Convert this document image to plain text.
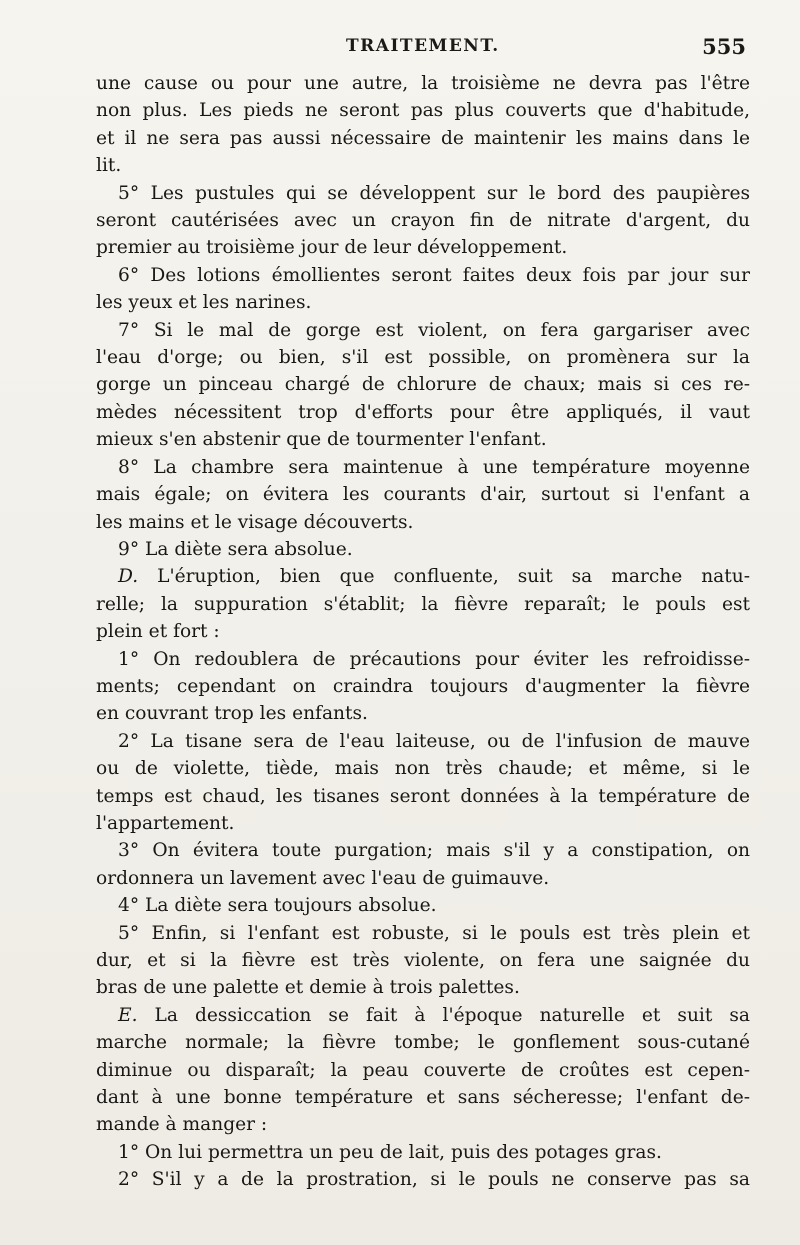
TRAITEMENT.	555
une cause ou pour une autre, la troisième ne devra pas l'être
non plus. Les pieds ne seront pas plus couverts que d'habitude,
et il ne sera pas aussi nécessaire de maintenir les mains dans le
lit.
5° Les pustules qui se développent sur le bord des paupières
seront cautérisées avec un crayon fin de nitrate d'argent, du
premier au troisième jour de leur développement.
6° Des lotions émollientes seront faites deux fois par jour sur
les yeux et les narines.
7° Si le mal de gorge est violent, on fera gargariser avec
l'eau d'orge; ou bien, s'il est possible, on promènera sur la
gorge un pinceau chargé de chlorure de chaux; mais si ces re-
mèdes nécessitent trop d'efforts pour être appliqués, il vaut
mieux s'en abstenir que de tourmenter l'enfant.
8° La chambre sera maintenue à une température moyenne
mais égale; on évitera les courants d'air, surtout si l'enfant a
les mains et le visage découverts.
9° La diète sera absolue.
D. L'éruption, bien que confluente, suit sa marche natu-
relle; la suppuration s'établit; la fièvre reparaît; le pouls est
plein et fort :
1° On redoublera de précautions pour éviter les refroidisse-
ments; cependant on craindra toujours d'augmenter la fièvre
en couvrant trop les enfants.
2° La tisane sera de l'eau laiteuse, ou de l'infusion de mauve
ou de violette, tiède, mais non très chaude; et même, si le
temps est chaud, les tisanes seront données à la température de
l'appartement.
3° On évitera toute purgation; mais s'il y a constipation, on
ordonnera un lavement avec l'eau de guimauve.
4° La diète sera toujours absolue.
5° Enfin, si l'enfant est robuste, si le pouls est très plein et
dur, et si la fièvre est très violente, on fera une saignée du
bras de une palette et demie à trois palettes.
E. La dessiccation se fait à l'époque naturelle et suit sa
marche normale; la fièvre tombe; le gonflement sous-cutané
diminue ou disparaît; la peau couverte de croûtes est cepen-
dant à une bonne température et sans sécheresse; l'enfant de-
mande à manger :
1° On lui permettra un peu de lait, puis des potages gras.
2° S'il y a de la prostration, si le pouls ne conserve pas sa
